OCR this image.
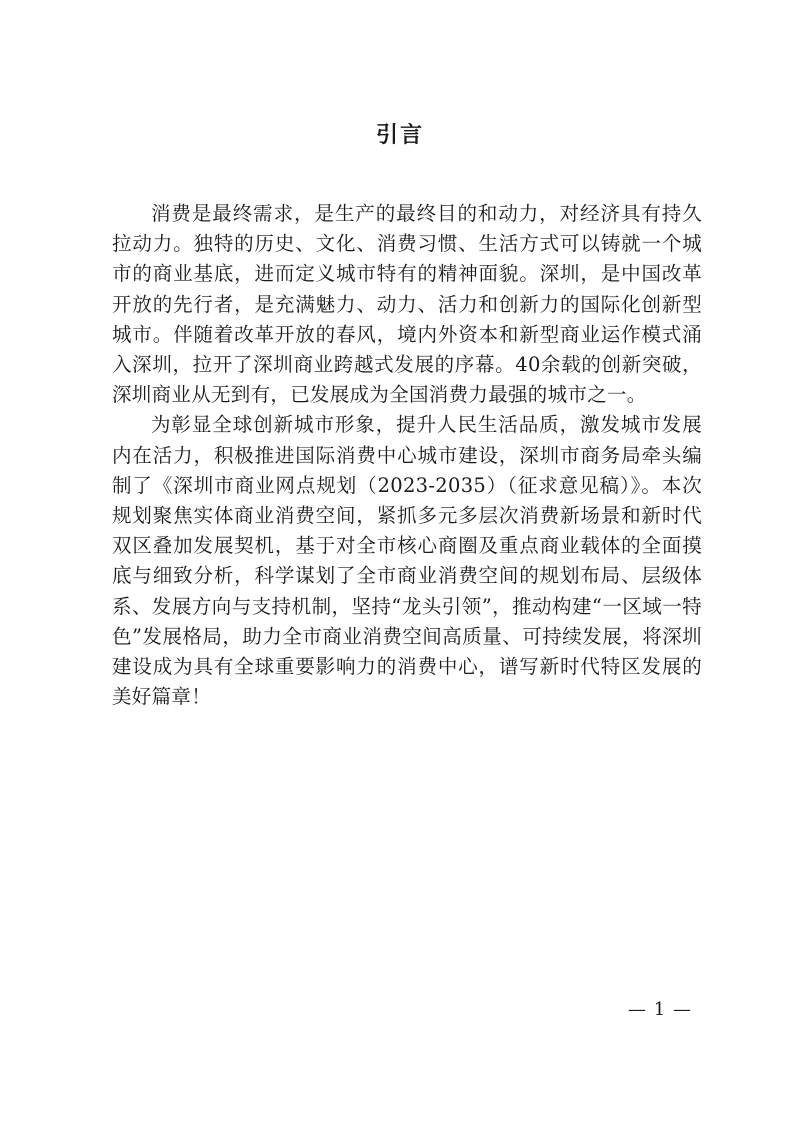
引言

消费是最终需求，是生产的最终目的和动力，对经济具有持久拉动力。独特的历史、文化、消费习惯、生活方式可以铸就一个城市的商业基底，进而定义城市特有的精神面貌。深圳，是中国改革开放的先行者，是充满魅力、动力、活力和创新力的国际化创新型城市。伴随着改革开放的春风，境内外资本和新型商业运作模式涌入深圳，拉开了深圳商业跨越式发展的序幕。40余载的创新突破，深圳商业从无到有，已发展成为全国消费力最强的城市之一。

为彰显全球创新城市形象，提升人民生活品质，激发城市发展内在活力，积极推进国际消费中心城市建设，深圳市商务局牵头编制了《深圳市商业网点规划（2023-2035）（征求意见稿）》。本次规划聚焦实体商业消费空间，紧抓多元多层次消费新场景和新时代双区叠加发展契机，基于对全市核心商圈及重点商业载体的全面摸底与细致分析，科学谋划了全市商业消费空间的规划布局、层级体系、发展方向与支持机制，坚持“龙头引领”，推动构建“一区域一特色”发展格局，助力全市商业消费空间高质量、可持续发展，将深圳建设成为具有全球重要影响力的消费中心，谱写新时代特区发展的美好篇章！

— 1 —
